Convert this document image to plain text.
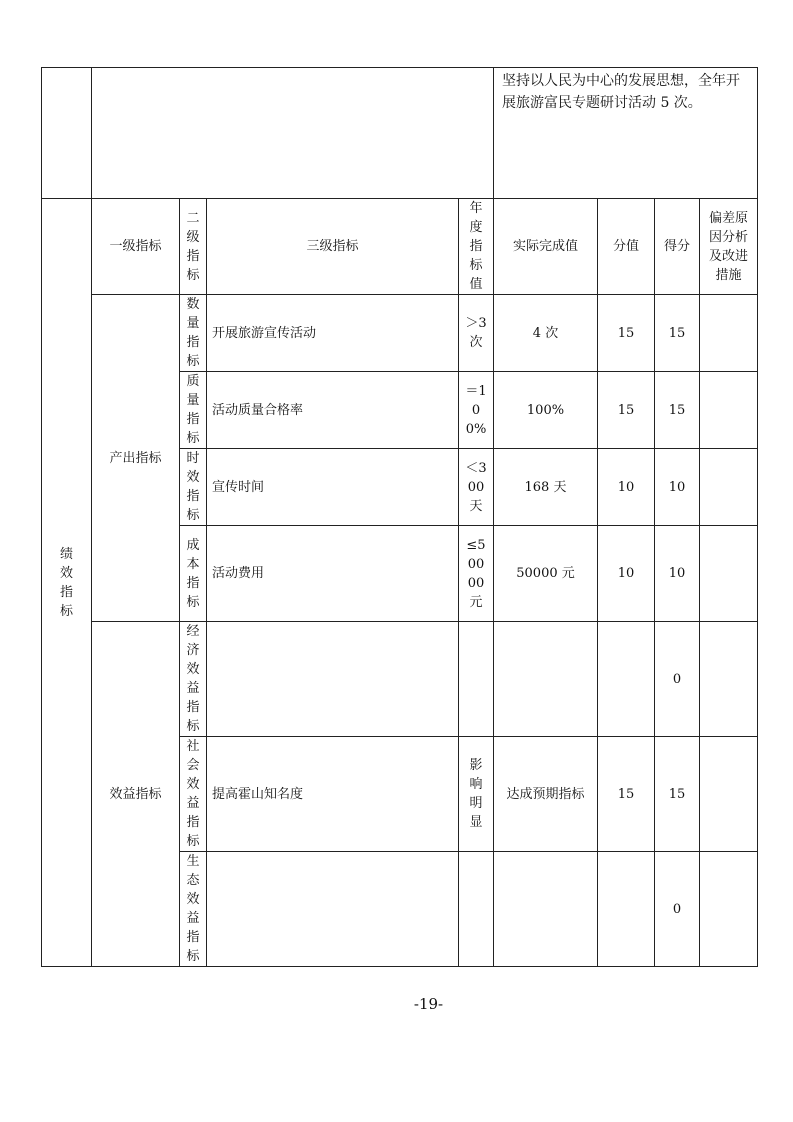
					坚持以人民为中心的发展思想，全年开展旅游富民专题研讨活动 5 次。			
绩效指标	一级指标	二级指标	三级指标	年度指标值	实际完成值	分值	得分	偏差原因分析及改进措施
	产出指标	数量指标	开展旅游宣传活动	＞3次	4 次	15	15	
		质量指标	活动质量合格率	＝100%	100%	15	15	
		时效指标	宣传时间	＜300天	168 天	10	10	
		成本指标	活动费用	≤50000元	50000 元	10	10	
	效益指标	经济效益指标					0	
		社会效益指标	提高霍山知名度	影响明显	达成预期指标	15	15	
		生态效益指标					0	
-19-
